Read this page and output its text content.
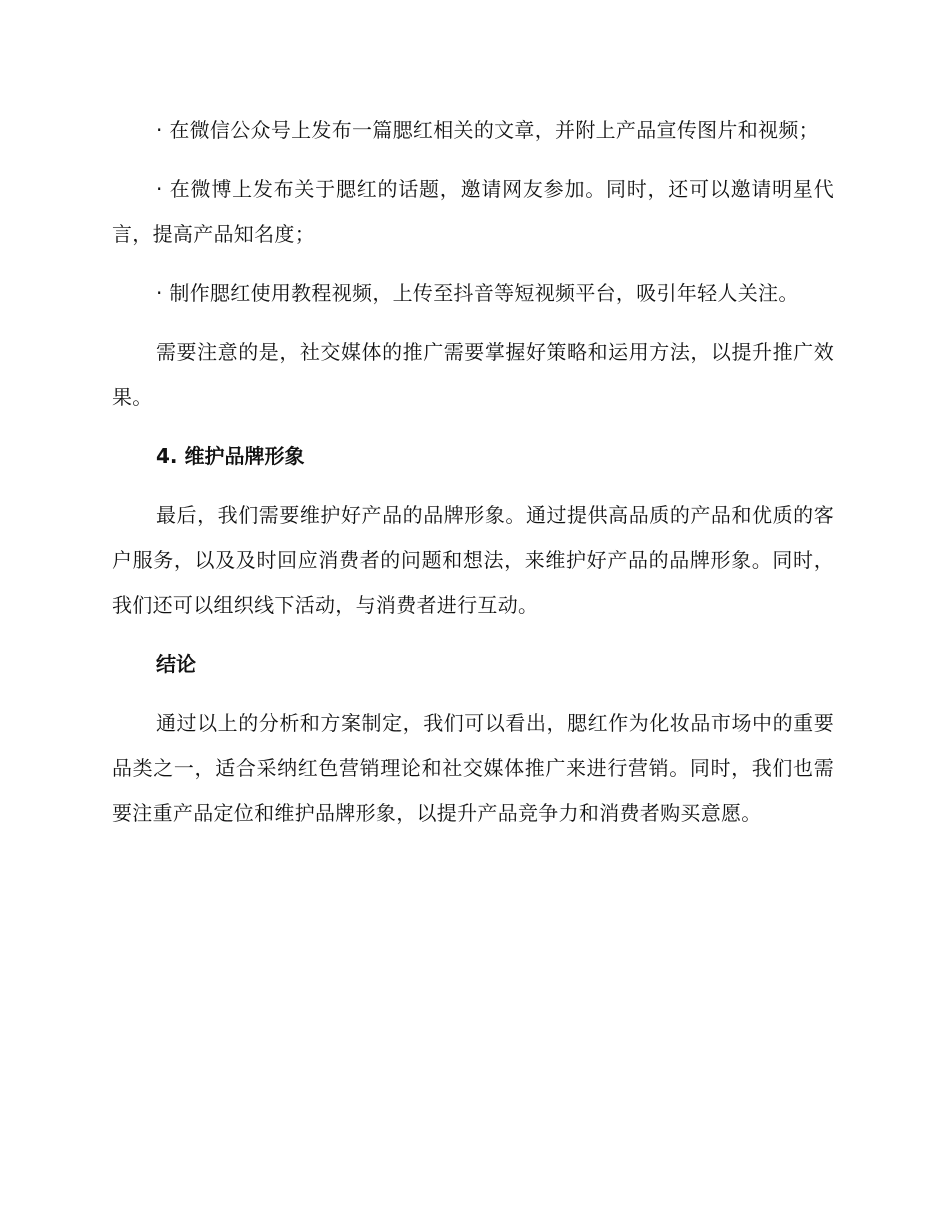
· 在微信公众号上发布一篇腮红相关的文章，并附上产品宣传图片和视频；

· 在微博上发布关于腮红的话题，邀请网友参加。同时，还可以邀请明星代言，提高产品知名度；

· 制作腮红使用教程视频，上传至抖音等短视频平台，吸引年轻人关注。

需要注意的是，社交媒体的推广需要掌握好策略和运用方法，以提升推广效果。

4. 维护品牌形象

最后，我们需要维护好产品的品牌形象。通过提供高品质的产品和优质的客户服务，以及及时回应消费者的问题和想法，来维护好产品的品牌形象。同时，我们还可以组织线下活动，与消费者进行互动。

结论

通过以上的分析和方案制定，我们可以看出，腮红作为化妆品市场中的重要品类之一，适合采纳红色营销理论和社交媒体推广来进行营销。同时，我们也需要注重产品定位和维护品牌形象，以提升产品竞争力和消费者购买意愿。
